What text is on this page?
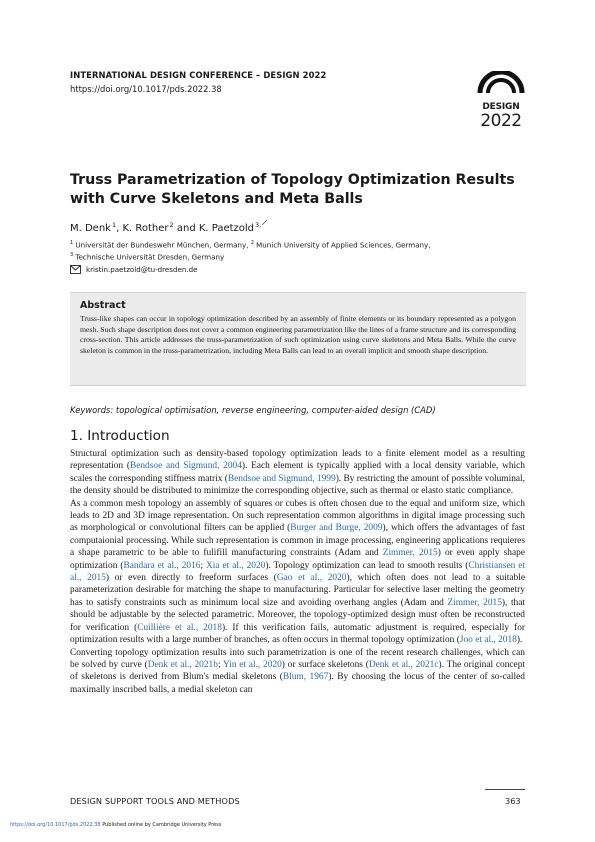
INTERNATIONAL DESIGN CONFERENCE – DESIGN 2022
https://doi.org/10.1017/pds.2022.38
DESIGN
2022
Truss Parametrization of Topology Optimization Results with Curve Skeletons and Meta Balls
M. Denk$^1$, K. Rother$^2$ and K. Paetzold$^{3,}$
$^1$ Universität der Bundeswehr München, Germany, $^2$ Munich University of Applied Sciences, Germany,
$^3$ Technische Universität Dresden, Germany
kristin.paetzold@tu-dresden.de
Abstract

Truss-like shapes can occur in topology optimization described by an assembly of finite elements or its boundary represented as a polygon mesh. Such shape description does not cover a common engineering parametrization like the lines of a frame structure and its corresponding cross-section. This article addresses the truss-parametrization of such optimization using curve skeletons and Meta Balls. While the curve skeleton is common in the truss-parametrization, including Meta Balls can lead to an overall implicit and smooth shape description.

Keywords: topological optimisation, reverse engineering, computer-aided design (CAD)
1. Introduction

Structural optimization such as density-based topology optimization leads to a finite element model as a resulting representation (Bendsoe and Sigmund, 2004). Each element is typically applied with a local density variable, which scales the corresponding stiffness matrix (Bendsoe and Sigmund, 1999). By restricting the amount of possible voluminal, the density should be distributed to minimize the corresponding objective, such as thermal or elasto static compliance.

As a common mesh topology an assembly of squares or cubes is often chosen due to the equal and uniform size, which leads to 2D and 3D image representation. On such representation common algorithms in digital image processing such as morphological or convolutional filters can be applied (Burger and Burge, 2009), which offers the advantages of fast computaionial processing. While such representation is common in image processing, engineering applications requieres a shape parametric to be able to fulifill manufacturing constraints (Adam and Zimmer, 2015) or even apply shape optimization (Bandara et al., 2016; Xia et al., 2020). Topology optimization can lead to smooth results (Christiansen et al., 2015) or even directly to freeform surfaces (Gao et al., 2020), which often does not lead to a suitable parameterization desirable for matching the shape to manufacturing. Particular for selective laser melting the geometry has to satisfy constraints such as minimum local size and avoiding overhang angles (Adam and Zimmer, 2015), that should be adjustable by the selected parametric. Moreover, the topology-optimized design must often be reconstructed for verification (Cuillière et al., 2018). If this verification fails, automatic adjustment is required, especially for optimization results with a large number of branches, as often occurs in thermal topology optimization (Joo et al., 2018).

Converting topology optimization results into such parametrization is one of the recent research challenges, which can be solved by curve (Denk et al., 2021b; Yin et al., 2020) or surface skeletons (Denk et al., 2021c). The original concept of skeletons is derived from Blum's medial skeletons (Blum, 1967). By choosing the locus of the center of so-called maximally inscribed balls, a medial skeleton can

DESIGN SUPPORT TOOLS AND METHODS	363
https://doi.org/10.1017/pds.2022.38 Published online by Cambridge University Press
